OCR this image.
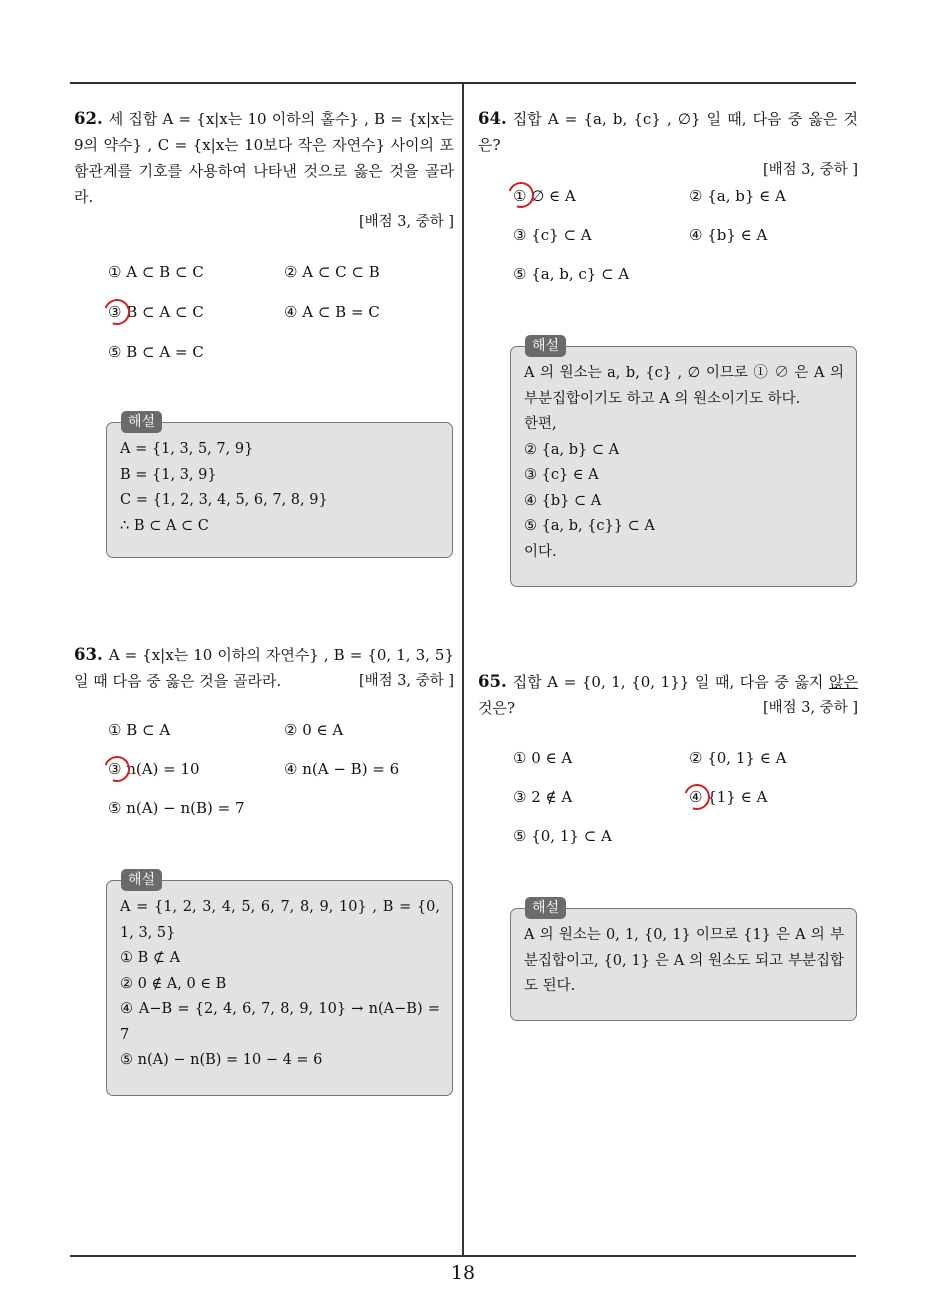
62. 세 집합 A = {x|x는 10 이하의 홀수} , B = {x|x는 9의 약수} , C = {x|x는 10보다 작은 자연수} 사이의 포함관계를 기호를 사용하여 나타낸 것으로 옳은 것을 골라라.

[배점 3, 중하 ]
① A ⊂ B ⊂ C	② A ⊂ C ⊂ B
③ B ⊂ A ⊂ C	④ A ⊂ B = C
⑤ B ⊂ A = C
해설
A = {1, 3, 5, 7, 9}
B = {1, 3, 9}
C = {1, 2, 3, 4, 5, 6, 7, 8, 9}
∴ B ⊂ A ⊂ C

63. A = {x|x는 10 이하의 자연수} , B = {0, 1, 3, 5} 일 때 다음 중 옳은 것을 골라라.	[배점 3, 중하 ]

① B ⊂ A	② 0 ∈ A
③ n(A) = 10	④ n(A − B) = 6
⑤ n(A) − n(B) = 7
해설
A = {1, 2, 3, 4, 5, 6, 7, 8, 9, 10} , B = {0, 1, 3, 5}
① B ⊄ A
② 0 ∉ A, 0 ∈ B
④ A−B = {2, 4, 6, 7, 8, 9, 10} → n(A−B) = 7
⑤ n(A) − n(B) = 10 − 4 = 6

64. 집합 A = {a, b, {c} , ∅} 일 때, 다음 중 옳은 것은?

[배점 3, 중하 ]
① ∅ ∈ A	② {a, b} ∈ A
③ {c} ⊂ A	④ {b} ∈ A
⑤ {a, b, c} ⊂ A
해설
A 의 원소는 a, b, {c} , ∅ 이므로 ① ∅ 은 A 의 부분집합이기도 하고 A 의 원소이기도 하다.
한편,
② {a, b} ⊂ A
③ {c} ∈ A
④ {b} ⊂ A
⑤ {a, b, {c}} ⊂ A
이다.

65. 집합 A = {0, 1, {0, 1}} 일 때, 다음 중 옳지 않은 것은?	[배점 3, 중하 ]

① 0 ∈ A	② {0, 1} ∈ A
③ 2 ∉ A	④ {1} ∈ A
⑤ {0, 1} ⊂ A
해설
A 의 원소는 0, 1, {0, 1} 이므로 {1} 은 A 의 부분집합이고, {0, 1} 은 A 의 원소도 되고 부분집합도 된다.
18
